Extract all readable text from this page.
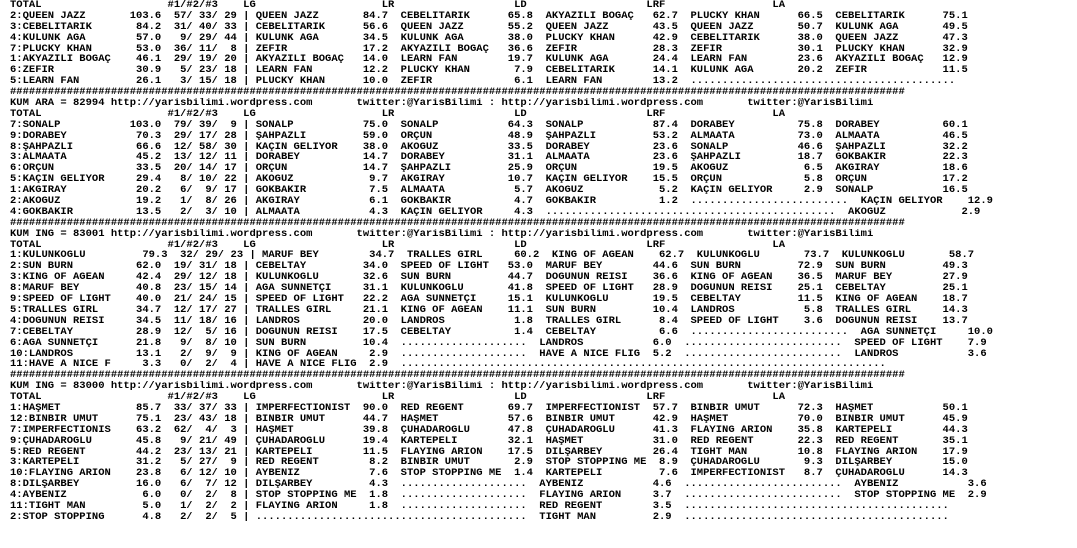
TOTAL                    #1/#2/#3    LG                    LR                   LD                   LRF                 LA
2:QUEEN JAZZ       103.6  57/ 33/ 29 | QUEEN JAZZ       84.7  CEBELİTARIK      65.8  AKYAZILI BOĞAÇ   62.7  PLUCKY KHAN      66.5  CEBELİTARIK      75.1
3:CEBELİTARIK       84.2  31/ 40/ 33 | CEBELİTARIK      56.6  QUEEN JAZZ       55.2  QUEEN JAZZ       43.5  QUEEN JAZZ       50.7  KÜLÜNK AĞA       49.5
4:KÜLÜNK AĞA        57.0   9/ 29/ 44 | KÜLÜNK AĞA       34.5  KÜLÜNK AĞA       38.0  PLUCKY KHAN      42.9  CEBELİTARIK      38.0  QUEEN JAZZ       47.3
7:PLUCKY KHAN       53.0  36/ 11/  8 | ZEFİR            17.2  AKYAZILI BOĞAÇ   36.6  ZEFİR            28.3  ZEFİR            30.1  PLUCKY KHAN      32.9
1:AKYAZILI BOĞAÇ    46.1  29/ 19/ 20 | AKYAZILI BOĞAÇ   14.0  LEARN FAN        19.7  KÜLÜNK AĞA       24.4  LEARN FAN        23.6  AKYAZILI BOĞAÇ   12.9
6:ZEFİR             30.9   5/ 23/ 18 | LEARN FAN        12.2  PLUCKY KHAN       7.9  CEBELİTARIK      14.1  KÜLÜNK AĞA       20.2  ZEFİR            11.5
5:LEARN FAN         26.1   3/ 15/ 18 | PLUCKY KHAN      10.0  ZEFİR             6.1  LEARN FAN        13.2  ..........................................
##############################################################################################################################################
KUM ARA = 82994 http://yarisbilimi.wordpress.com       twitter:@YarisBilimi : http://yarisbilimi.wordpress.com       twitter:@YarisBilimi
TOTAL                    #1/#2/#3    LG                    LR                   LD                   LRF                 LA
7:SONALP           103.0  79/ 39/  9 | SONALP           75.0  SONALP           64.3  SONALP           87.4  DORABEY          75.8  DORABEY          60.1
9:DORABEY           70.3  29/ 17/ 28 | ŞAHPAZLI         59.0  ORÇUN            48.9  ŞAHPAZLI         53.2  ALMAATA          73.0  ALMAATA          46.5
8:ŞAHPAZLI          66.6  12/ 58/ 30 | KAÇIN GELİYOR    38.0  AKÖĞUZ           33.5  DORABEY          23.6  SONALP           46.6  ŞAHPAZLI         32.2
3:ALMAATA           45.2  13/ 12/ 11 | DORABEY          14.7  DORABEY          31.1  ALMAATA          23.6  ŞAHPAZLI         18.7  GÖKBAKIR         22.3
6:ORÇUN             33.5  20/ 14/ 17 | ORÇUN            14.7  ŞAHPAZLI         25.9  ORÇUN            19.5  AKÖĞUZ            6.5  AKGIRAY          18.6
5:KAÇIN GELİYOR     29.4   8/ 10/ 22 | AKÖĞUZ            9.7  AKGIRAY          10.7  KAÇIN GELİYOR    15.5  ORÇUN             5.8  ORÇUN            17.2
1:AKGIRAY           20.2   6/  9/ 17 | GÖKBAKIR          7.5  ALMAATA           5.7  AKÖĞUZ            5.2  KAÇIN GELİYOR     2.9  SONALP           16.5
2:AKÖĞUZ            19.2   1/  8/ 26 | AKGIRAY           6.1  GÖKBAKIR          4.7  GÖKBAKIR          1.2  .........................  KAÇIN GELİYOR    12.9
4:GÖKBAKIR          13.5   2/  3/ 10 | ALMAATA           4.3  KAÇIN GELİYOR     4.3  ..............................................  AKÖĞUZ            2.9
##############################################################################################################################################
KUM ING = 83001 http://yarisbilimi.wordpress.com       twitter:@YarisBilimi : http://yarisbilimi.wordpress.com       twitter:@YarisBilimi
TOTAL                    #1/#2/#3    LG                    LR                   LD                   LRF                 LA
1:KÜLÜNKOĞLU         79.3  32/ 29/ 23 | MARUF BEY        34.7  TRALLES GIRL     60.2  KING OF AGEAN    62.7  KÜLÜNKOĞLU       73.7  KÜLÜNKOĞLU       58.7
2:SUN BURN          62.0  19/ 31/ 18 | CEBELTAY         34.0  SPEED OF LIGHT   53.0  MARUF BEY        44.6  SUN BURN         72.9  SUN BURN         49.3
3:KING OF AGEAN     42.4  29/ 12/ 18 | KÜLÜNKOĞLU       32.6  SUN BURN         44.7  DOĞUNUN REİSİ    36.6  KING OF AGEAN    36.5  MARUF BEY        27.9
8:MARUF BEY         40.8  23/ 15/ 14 | AĞA SÜNNETÇİ     31.1  KÜLÜNKOĞLU       41.8  SPEED OF LIGHT   28.9  DOĞUNUN REİSİ    25.1  CEBELTAY         25.1
9:SPEED OF LIGHT    40.0  21/ 24/ 15 | SPEED OF LIGHT   22.2  AĞA SÜNNETÇİ     15.1  KÜLÜNKOĞLU       19.5  CEBELTAY         11.5  KING OF AGEAN    18.7
5:TRALLES GIRL      34.7  12/ 17/ 27 | TRALLES GIRL     21.1  KING OF AGEAN    11.1  SUN BURN         10.4  LANDROS           5.8  TRALLES GIRL     14.3
4:DOĞUNUN REİSİ     34.5  11/ 18/ 16 | LANDROS          20.0  LANDROS           1.8  TRALLES GIRL      8.4  SPEED OF LIGHT    3.6  DOĞUNUN REİSİ    13.7
7:CEBELTAY          28.9  12/  5/ 16 | DOĞUNUN REİSİ    17.5  CEBELTAY          1.4  CEBELTAY          6.6  .........................  AĞA SÜNNETÇİ     10.0
6:AĞA SÜNNETÇİ      21.8   9/  8/ 10 | SUN BURN         10.4  ....................  LANDROS           6.0  .........................  SPEED OF LIGHT    7.9
10:LANDROS          13.1   2/  9/  9 | KING OF AGEAN     2.9  ....................  HAVE A NICE FLIG  5.2  .........................  LANDROS           3.6
11:HAVE A NICE F     3.3   0/  2/  4 | HAVE A NICE FLIG  2.9  .............................................................................
##############################################################################################################################################
KUM ING = 83000 http://yarisbilimi.wordpress.com       twitter:@YarisBilimi : http://yarisbilimi.wordpress.com       twitter:@YarisBilimi
TOTAL                    #1/#2/#3    LG                    LR                   LD                   LRF                 LA
1:HAŞMET            85.7  33/ 37/ 33 | IMPERFECTIONIST  90.0  RED REGENT       69.7  IMPERFECTIONIST  57.7  BİNBİR UMUT      72.3  HAŞMET           50.1
12:BİNBİR UMUT      75.1  23/ 43/ 18 | BİNBİR UMUT      44.7  HAŞMET           57.6  BİNBİR UMUT      42.9  HAŞMET           70.0  BİNBİR UMUT      45.9
7:IMPERFECTIONIS    63.2  62/  4/  3 | HAŞMET           39.8  ÇUHADAROĞLU      47.8  ÇUHADAROĞLU      41.3  FLAYING ARION    35.8  KARTEPELİ        44.3
9:ÇUHADAROĞLU       45.8   9/ 21/ 49 | ÇUHADAROĞLU      19.4  KARTEPELİ        32.1  HAŞMET           31.0  RED REGENT       22.3  RED REGENT       35.1
5:RED REGENT        44.2  23/ 13/ 21 | KARTEPELİ        11.5  FLAYING ARION    17.5  DİLŞARBEY        26.4  TIGHT MAN        10.8  FLAYING ARION    17.9
3:KARTEPELİ         31.2   5/ 27/  9 | RED REGENT        8.2  BİNBİR UMUT       2.9  STOP STOPPING ME  8.9  ÇUHADAROĞLU       9.3  DİLŞARBEY        15.0
10:FLAYING ARION    23.8   6/ 12/ 10 | AYBENİZ           7.6  STOP STOPPING ME  1.4  KARTEPELİ         7.6  IMPERFECTIONIST   8.7  ÇUHADAROĞLU      14.3
8:DİLŞARBEY         16.0   6/  7/ 12 | DİLŞARBEY         4.3  ....................  AYBENİZ           4.6  .........................  AYBENİZ           3.6
4:AYBENİZ            6.0   0/  2/  8 | STOP STOPPING ME  1.8  ....................  FLAYING ARION     3.7  .........................  STOP STOPPING ME  2.9
11:TIGHT MAN         5.0   1/  2/  2 | FLAYING ARION     1.8  ....................  RED REGENT        3.5  ..........................................
2:STOP STOPPING      4.8   2/  2/  5 | ...........................................  TIGHT MAN         2.9  ..........................................
